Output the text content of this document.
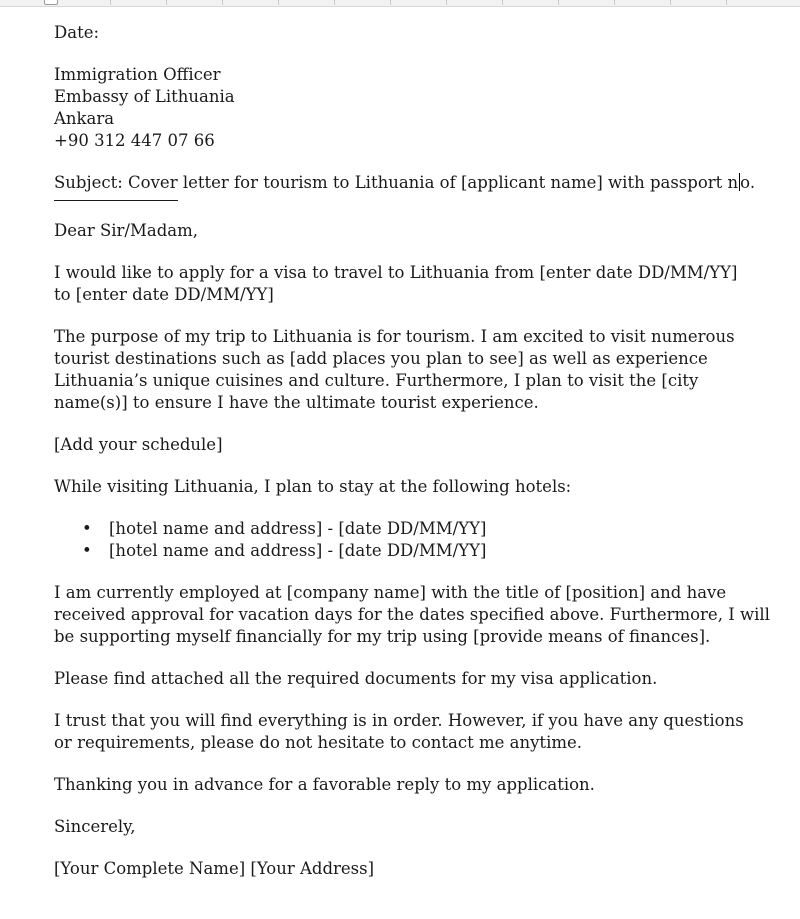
Date:

Immigration Officer

Embassy of Lithuania

Ankara

+90 312 447 07 66

Subject: Cover letter for tourism to Lithuania of [applicant name] with passport n o.

Dear Sir/Madam,

I would like to apply for a visa to travel to Lithuania from [enter date DD/MM/YY]

to [enter date DD/MM/YY]

The purpose of my trip to Lithuania is for tourism. I am excited to visit numerous

tourist destinations such as [add places you plan to see] as well as experience

Lithuania’s unique cuisines and culture. Furthermore, I plan to visit the [city

name(s)] to ensure I have the ultimate tourist experience.

[Add your schedule]

While visiting Lithuania, I plan to stay at the following hotels:

• [hotel name and address] - [date DD/MM/YY]
• [hotel name and address] - [date DD/MM/YY]

I am currently employed at [company name] with the title of [position] and have

received approval for vacation days for the dates specified above. Furthermore, I will

be supporting myself financially for my trip using [provide means of finances].

Please find attached all the required documents for my visa application.

I trust that you will find everything is in order. However, if you have any questions

or requirements, please do not hesitate to contact me anytime.

Thanking you in advance for a favorable reply to my application.

Sincerely,

[Your Complete Name] [Your Address]
